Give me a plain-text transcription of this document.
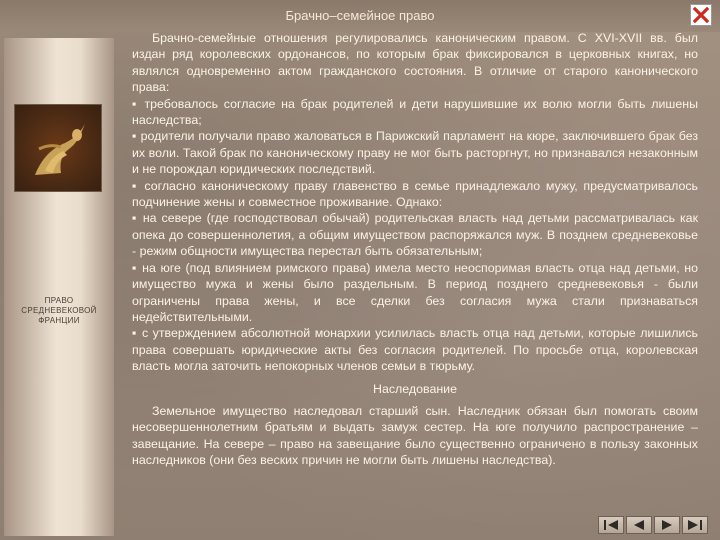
Брачно–семейное право
ПРАВО
СРЕДНЕВЕКОВОЙ
ФРАНЦИИ

Брачно-семейные отношения регулировались каноническим правом. С XVI-XVII вв. был издан ряд королевских ордонансов, по которым брак фиксировался в церковных книгах, но являлся одновременно актом гражданского состояния. В отличие от старого канонического права:

▪ требовалось согласие на брак родителей и дети нарушившие их волю могли быть лишены наследства;

▪ родители получали право жаловаться в Парижский парламент на кюре, заключившего брак без их воли. Такой брак по каноническому праву не мог быть расторгнут, но признавался незаконным и не порождал юридических последствий.

▪ согласно каноническому праву главенство в семье принадлежало мужу, предусматривалось подчинение жены и совместное проживание. Однако:

▪ на севере (где господствовал обычай) родительская власть над детьми рассматривалась как опека до совершеннолетия, а общим имуществом распоряжался муж. В позднем средневековье - режим общности имущества перестал быть обязательным;

▪ на юге (под влиянием римского права) имела место неоспоримая власть отца над детьми, но имущество мужа и жены было раздельным. В период позднего средневековья - были ограничены права жены, и все сделки без согласия мужа стали признаваться недействительными.

▪ с утверждением абсолютной монархии усилилась власть отца над детьми, которые лишились права совершать юридические акты без согласия родителей. По просьбе отца, королевская власть могла заточить непокорных членов семьи в тюрьму.

Наследование

Земельное имущество наследовал старший сын. Наследник обязан был помогать своим несовершеннолетним братьям и выдать замуж сестер. На юге получило распространение – завещание. На севере – право на завещание было существенно ограничено в пользу законных наследников (они без веских причин не могли быть лишены наследства).
